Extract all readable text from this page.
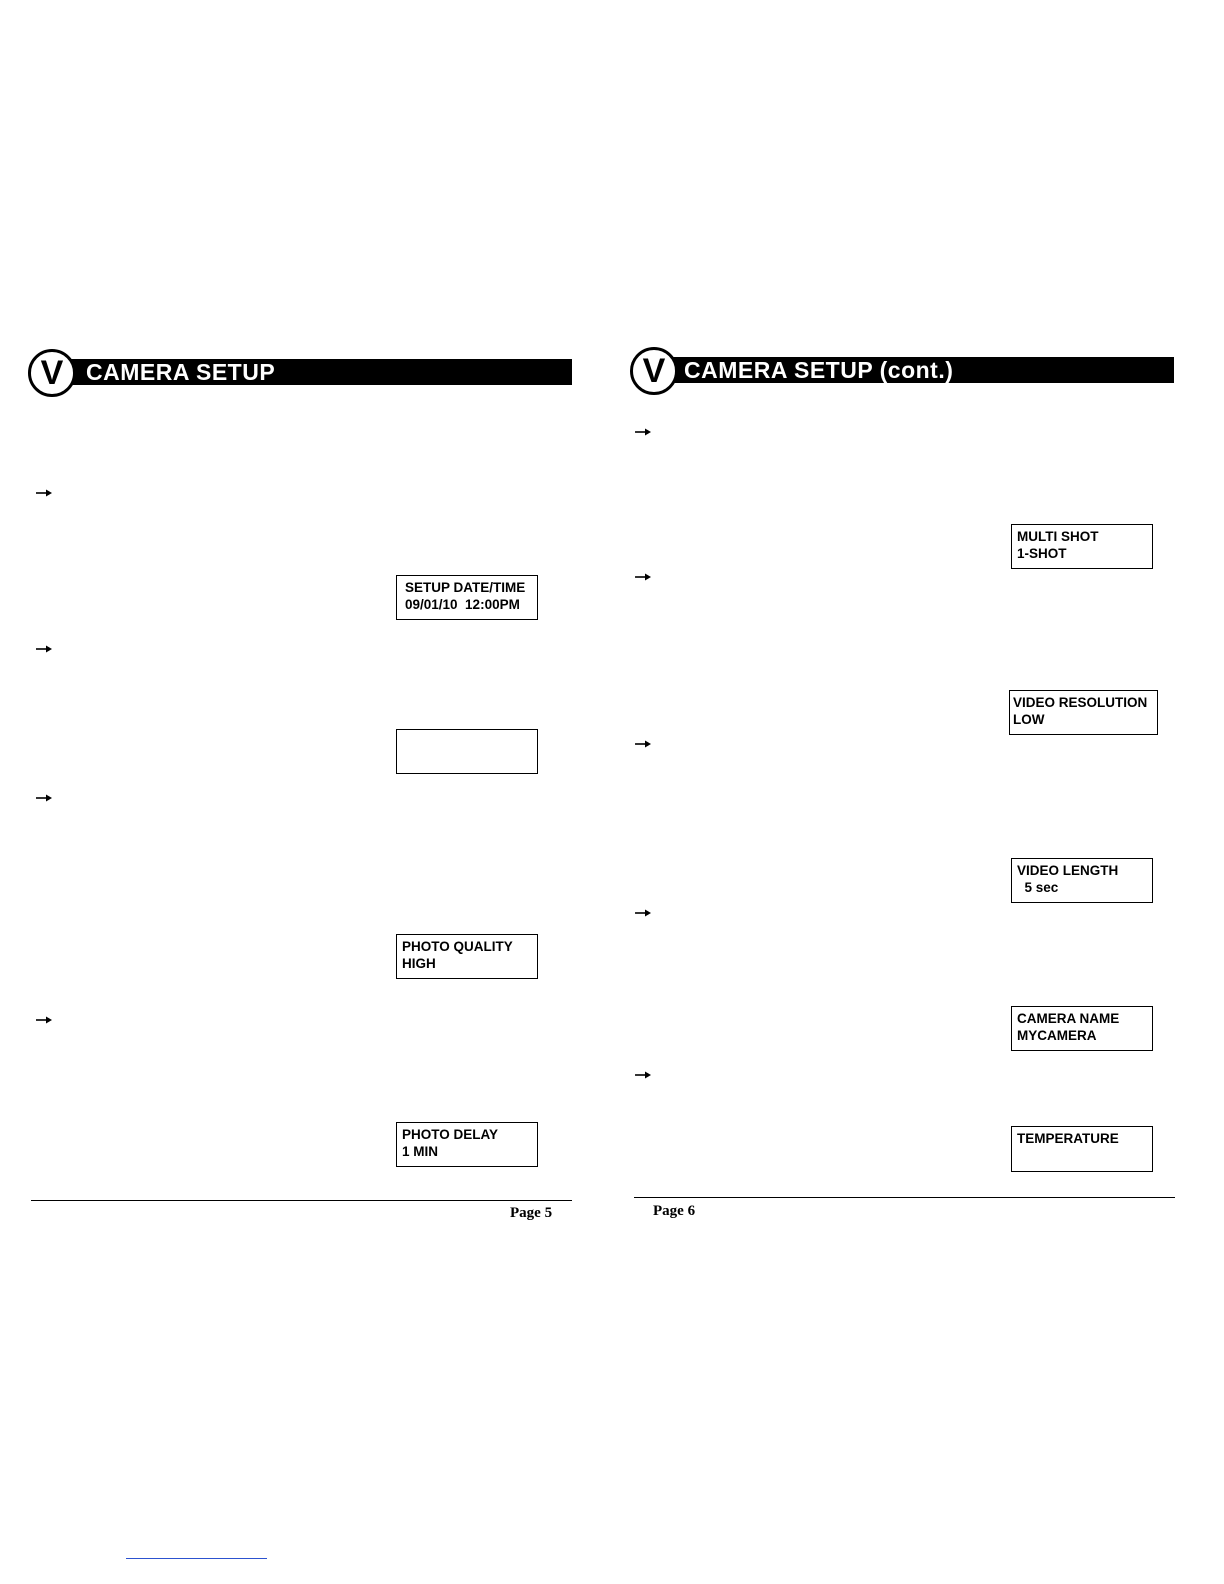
V CAMERA SETUP
SETUP DATE/TIME
09/01/10  12:00PM
PHOTO QUALITY
HIGH
PHOTO DELAY
1 MIN
Page 5
V CAMERA SETUP (cont.)
MULTI SHOT
1-SHOT
VIDEO RESOLUTION
LOW
VIDEO LENGTH
5 sec
CAMERA NAME
MYCAMERA
TEMPERATURE
Page 6
